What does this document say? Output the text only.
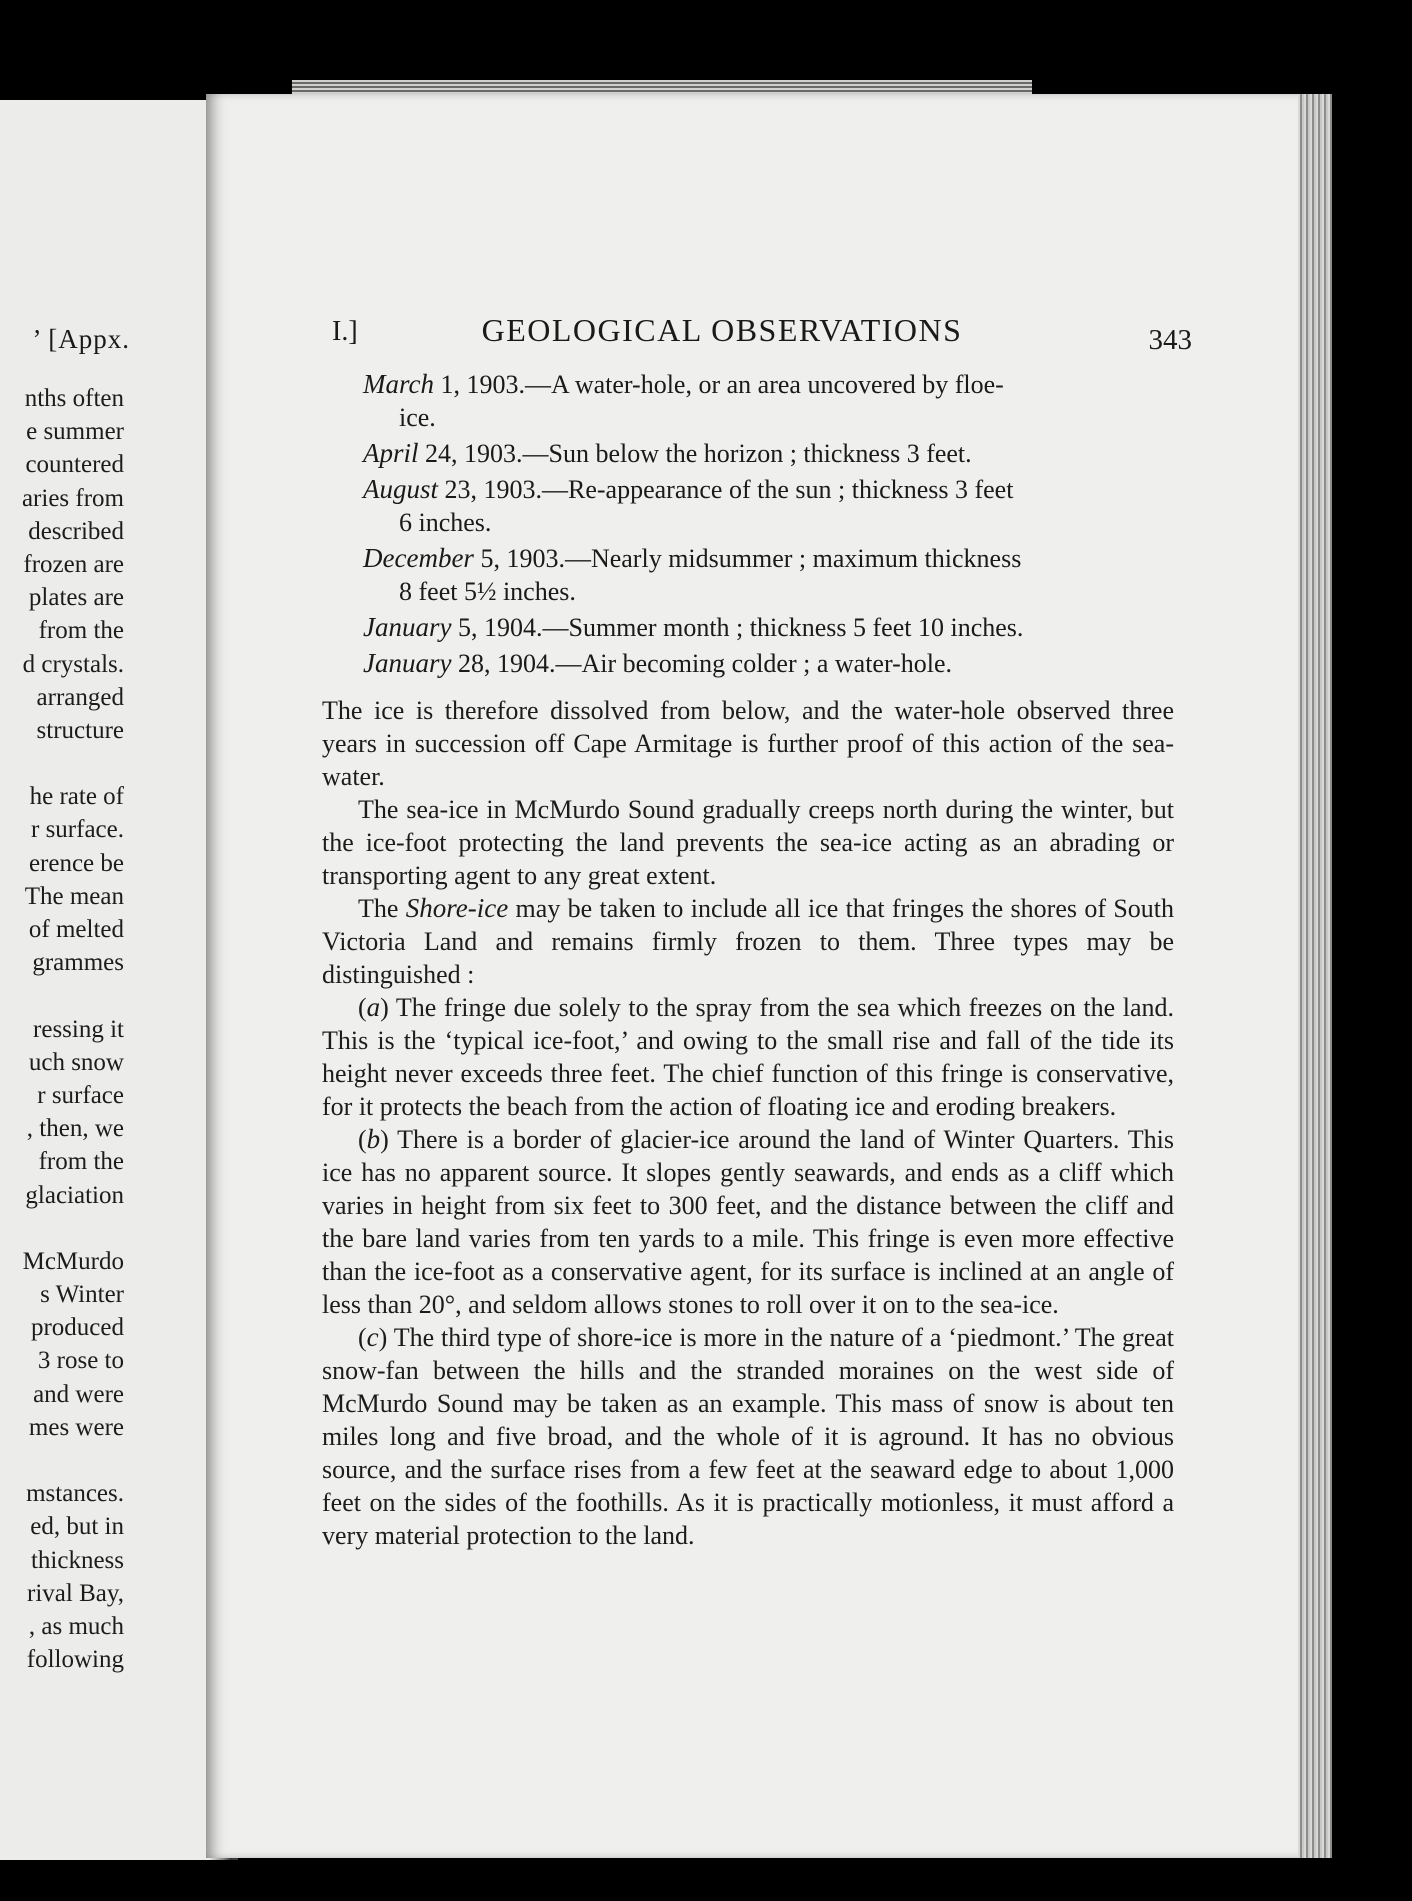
’ [Appx.
nths often
e summer
countered
aries from
described
frozen are
plates are
from the
d crystals.
arranged
structure
he rate of
r surface.
erence be
The mean
of melted
grammes
ressing it
uch snow
r surface
, then, we
from the
glaciation
McMurdo
s Winter
produced
3 rose to
and were
mes were
mstances.
ed, but in
thickness
rival Bay,
, as much
following
I.]	GEOLOGICAL OBSERVATIONS	343

March 1, 1903.—A water-hole, or an area uncovered by floe-
ice.

April 24, 1903.—Sun below the horizon ; thickness 3 feet.

August 23, 1903.—Re-appearance of the sun ; thickness 3 feet
6 inches.

December 5, 1903.—Nearly midsummer ; maximum thickness
8 feet 5½ inches.

January 5, 1904.—Summer month ; thickness 5 feet 10 inches.

January 28, 1904.—Air becoming colder ; a water-hole.

The ice is therefore dissolved from below, and the water-hole observed three years in succession off Cape Armitage is further proof of this action of the sea-water.

The sea-ice in McMurdo Sound gradually creeps north during the winter, but the ice-foot protecting the land prevents the sea-ice acting as an abrading or transporting agent to any great extent.

The Shore-ice may be taken to include all ice that fringes the shores of South Victoria Land and remains firmly frozen to them. Three types may be distinguished :

(a) The fringe due solely to the spray from the sea which freezes on the land. This is the ‘typical ice-foot,’ and owing to the small rise and fall of the tide its height never exceeds three feet. The chief function of this fringe is conservative, for it protects the beach from the action of floating ice and eroding breakers.

(b) There is a border of glacier-ice around the land of Winter Quarters. This ice has no apparent source. It slopes gently seawards, and ends as a cliff which varies in height from six feet to 300 feet, and the distance between the cliff and the bare land varies from ten yards to a mile. This fringe is even more effective than the ice-foot as a conservative agent, for its surface is inclined at an angle of less than 20°, and seldom allows stones to roll over it on to the sea-ice.

(c) The third type of shore-ice is more in the nature of a ‘piedmont.’ The great snow-fan between the hills and the stranded moraines on the west side of McMurdo Sound may be taken as an example. This mass of snow is about ten miles long and five broad, and the whole of it is aground. It has no obvious source, and the surface rises from a few feet at the seaward edge to about 1,000 feet on the sides of the foothills. As it is practically motionless, it must afford a very material protection to the land.
